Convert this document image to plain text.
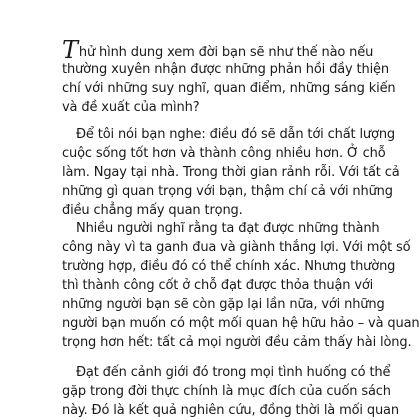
Thử hình dung xem đời bạn sẽ như thế nào nếu
thường xuyên nhận được những phản hồi đầy thiện
chí với những suy nghĩ, quan điểm, những sáng kiến
và đề xuất của mình?
Để tôi nói bạn nghe: điều đó sẽ dẫn tới chất lượng
cuộc sống tốt hơn và thành công nhiều hơn. Ở chỗ
làm. Ngay tại nhà. Trong thời gian rảnh rỗi. Với tất cả
những gì quan trọng với bạn, thậm chí cả với những
điều chẳng mấy quan trọng.
Nhiều người nghĩ rằng ta đạt được những thành
công này vì ta ganh đua và giành thắng lợi. Với một số
trường hợp, điều đó có thể chính xác. Nhưng thường
thì thành công cốt ở chỗ đạt được thỏa thuận với
những người bạn sẽ còn gặp lại lần nữa, với những
người bạn muốn có một mối quan hệ hữu hảo – và quan
trọng hơn hết: tất cả mọi người đều cảm thấy hài lòng.
Đạt đến cảnh giới đó trong mọi tình huống có thể
gặp trong đời thực chính là mục đích của cuốn sách
này. Đó là kết quả nghiên cứu, đồng thời là mối quan
